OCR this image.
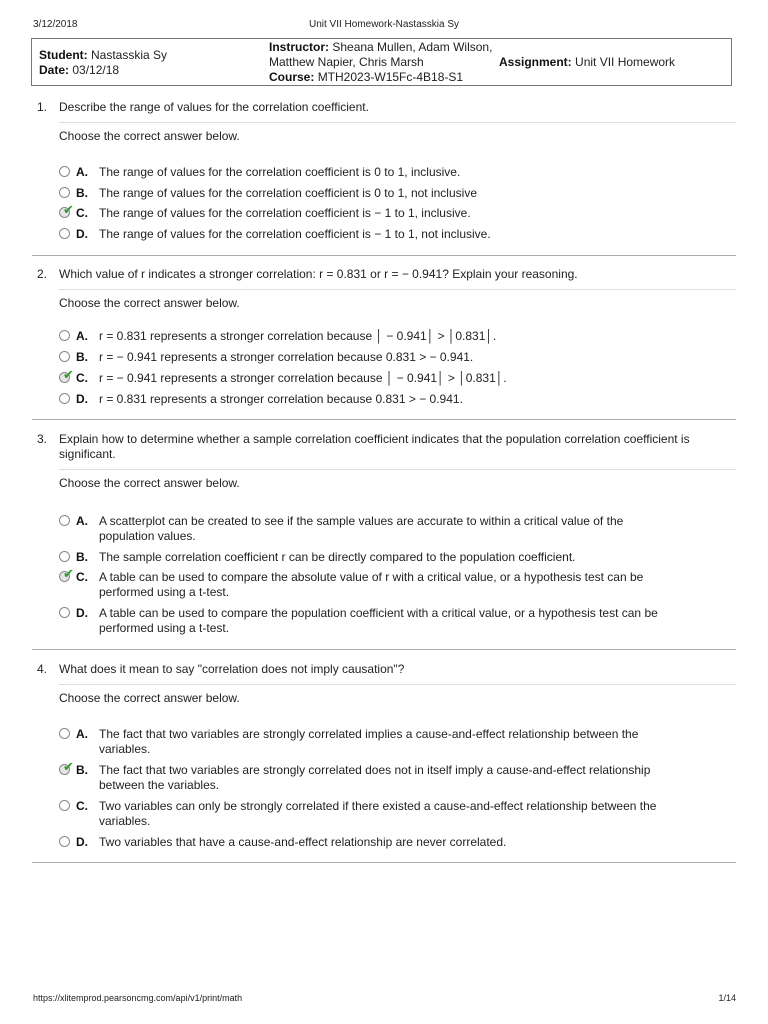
3/12/2018	Unit VII Homework-Nastasskia Sy
Student: Nastasskia Sy
Date: 03/12/18
Instructor: Sheana Mullen, Adam Wilson, Matthew Napier, Chris Marsh
Course: MTH2023-W15Fc-4B18-S1
Assignment: Unit VII Homework
1. Describe the range of values for the correlation coefficient.
Choose the correct answer below.
A. The range of values for the correlation coefficient is 0 to 1, inclusive.
B. The range of values for the correlation coefficient is 0 to 1, not inclusive
✔ C. The range of values for the correlation coefficient is − 1 to 1, inclusive.
D. The range of values for the correlation coefficient is − 1 to 1, not inclusive.
2. Which value of r indicates a stronger correlation: r = 0.831 or r = − 0.941? Explain your reasoning.
Choose the correct answer below.
A. r = 0.831 represents a stronger correlation because │ − 0.941│ > │0.831│.
B. r = − 0.941 represents a stronger correlation because 0.831 > − 0.941.
✔ C. r = − 0.941 represents a stronger correlation because │ − 0.941│ > │0.831│.
D. r = 0.831 represents a stronger correlation because 0.831 > − 0.941.
3. Explain how to determine whether a sample correlation coefficient indicates that the population correlation coefficient is significant.
Choose the correct answer below.
A. A scatterplot can be created to see if the sample values are accurate to within a critical value of the population values.
B. The sample correlation coefficient r can be directly compared to the population coefficient.
✔ C. A table can be used to compare the absolute value of r with a critical value, or a hypothesis test can be performed using a t-test.
D. A table can be used to compare the population coefficient with a critical value, or a hypothesis test can be performed using a t-test.
4. What does it mean to say "correlation does not imply causation"?
Choose the correct answer below.
A. The fact that two variables are strongly correlated implies a cause-and-effect relationship between the variables.
✔ B. The fact that two variables are strongly correlated does not in itself imply a cause-and-effect relationship between the variables.
C. Two variables can only be strongly correlated if there existed a cause-and-effect relationship between the variables.
D. Two variables that have a cause-and-effect relationship are never correlated.
https://xlitemprod.pearsoncmg.com/api/v1/print/math	1/14
